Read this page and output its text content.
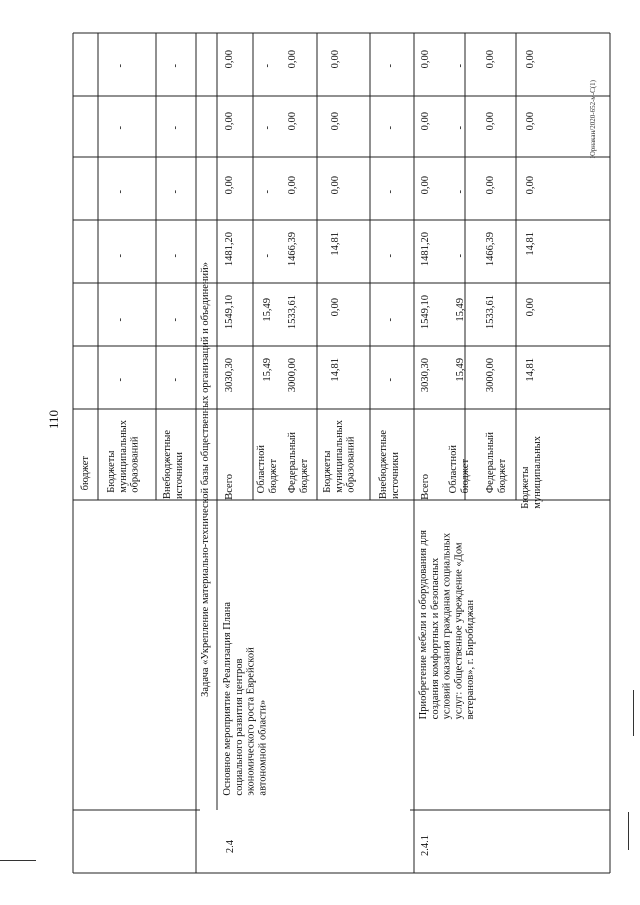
110
бюджет Бюджеты
муниципальных
образований
-
-
-
-
-
-
Внебюджетные
источники
-
-
-
-
-
-
Задача «Укрепление материально-технической базы общественных организаций и объединений»
2.4
Основное мероприятие «Реализация Плана
социального развития центров
экономического роста Еврейской
автономной области»
Всего
3030,30
1549,10
1481,20
0,00
0,00
0,00
Областной
бюджет
15,49
15,49
-
-
-
-
Федеральный
бюджет
3000,00
1533,61
1466,39
0,00
0,00
0,00
Бюджеты
муниципальных
образований
14,81
0,00
14,81
0,00
0,00
0,00
Внебюджетные
источники
-
-
-
-
-
-
2.4.1
Приобретение мебели и оборудования для
создания комфортных и безопасных
условий оказания гражданам социальных
услуг: общественное учреждение «Дом
ветеранов», г. Биробиджан
Всего
3030,30
1549,10
1481,20
0,00
0,00
0,00
Областной
бюджет
15,49
15,49
-
-
-
-
Федеральный
бюджет
3000,00
1533,61
1466,39
0,00
0,00
0,00
Бюджеты
муниципальных
14,81
0,00
14,81
0,00
0,00
0,00
Юрнакан/2020-652-м-С(1)
